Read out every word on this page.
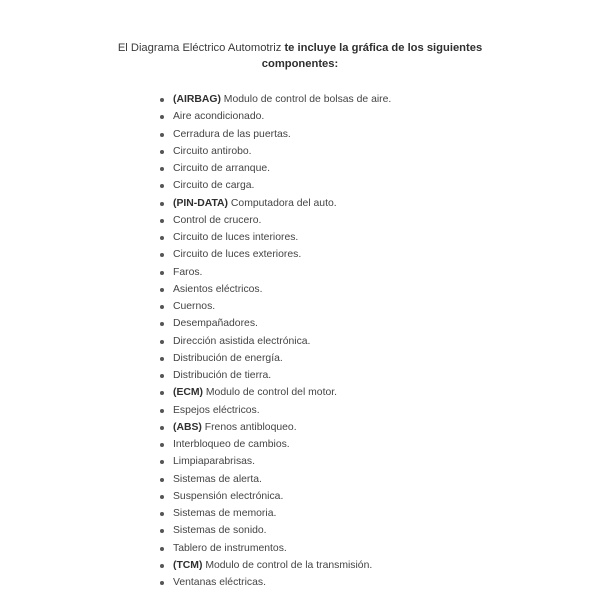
El Diagrama Eléctrico Automotriz te incluye la gráfica de los siguientes
componentes:

(AIRBAG) Modulo de control de bolsas de aire.
Aire acondicionado.
Cerradura de las puertas.
Circuito antirobo.
Circuito de arranque.
Circuito de carga.
(PIN-DATA) Computadora del auto.
Control de crucero.
Circuito de luces interiores.
Circuito de luces exteriores.
Faros.
Asientos eléctricos.
Cuernos.
Desempañadores.
Dirección asistida electrónica.
Distribución de energía.
Distribución de tierra.
(ECM) Modulo de control del motor.
Espejos eléctricos.
(ABS) Frenos antibloqueo.
Interbloqueo de cambios.
Limpiaparabrisas.
Sistemas de alerta.
Suspensión electrónica.
Sistemas de memoria.
Sistemas de sonido.
Tablero de instrumentos.
(TCM) Modulo de control de la transmisión.
Ventanas eléctricas.
